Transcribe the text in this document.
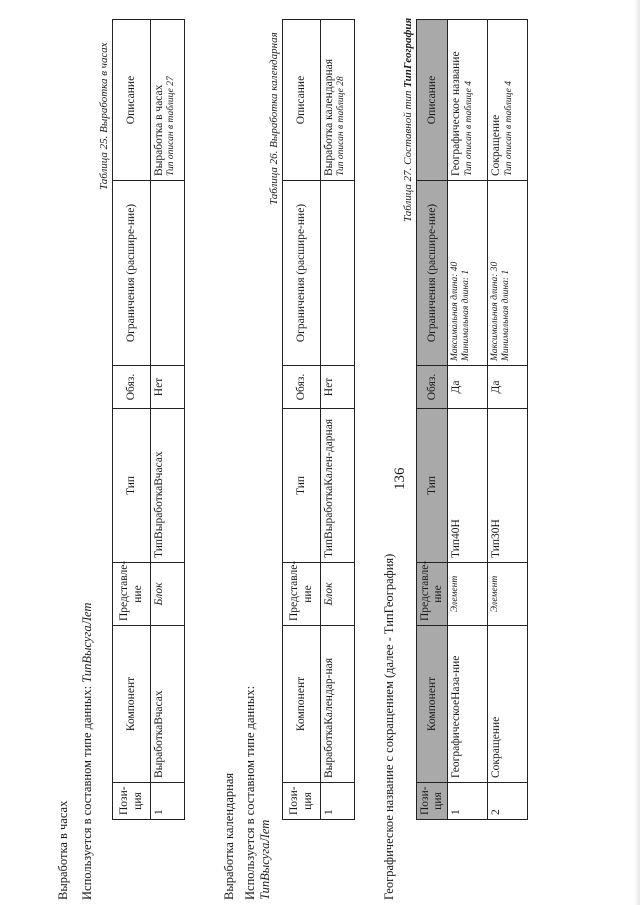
136
Выработка в часах Используется в составном типе данных: ТипВысугаЛет
Таблица 25. Выработка в часах
Пози-ция	Компонент	Представле-ние	Тип	Обяз.	Ограничения (расшире-ние)	Описание
1	ВыработкаВчасах	Блок	ТипВыработкаВчасах	Нет		Выработка в часах Тип описан в таблице 27
Выработка календарная Используется в составном типе данных: ТипВысугаЛет
Таблица 26. Выработка календарная
Пози-ция	Компонент	Представле-ние	Тип	Обяз.	Ограничения (расшире-ние)	Описание
1	ВыработкаКалендар-ная	Блок	ТипВыработкаКален-дарная	Нет		Выработка календарная Тип описан в таблице 28
Географическое название с сокращением (далее - ТипГеография)
Таблица 27. Составной тип ТипГеография
Пози-ция	Компонент	Представле-ние	Тип	Обяз.	Ограничения (расшире-ние)	Описание
1	ГеографическоеНаза-ние	Элемент	Тип40Н	Да	Максимальная длина: 40 Минимальная длина: 1	Географическое название Тип описан в таблице 4

2	Сокращение	Элемент	Тип30Н	Да	Максимальная длина: 30 Минимальная длина: 1	Сокращение Тип описан в таблице 4
